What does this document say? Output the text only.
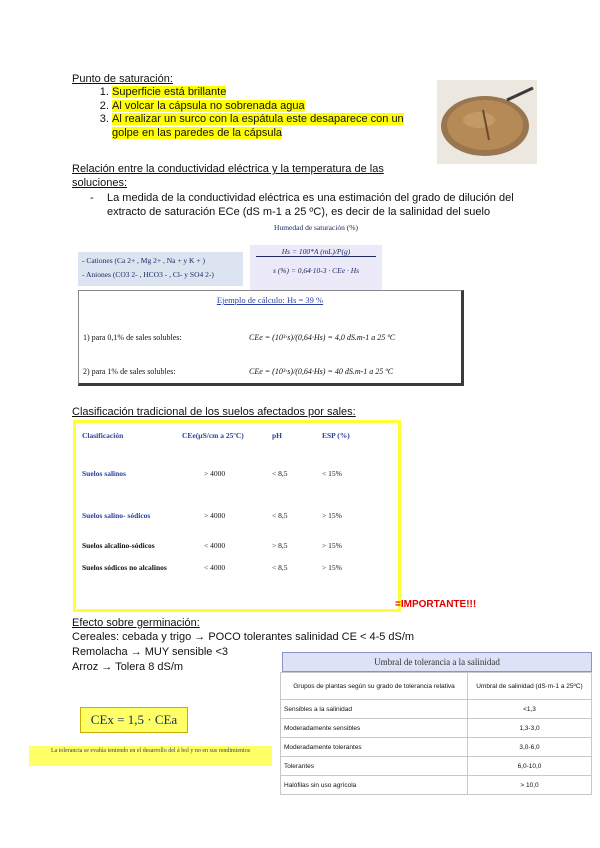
Punto de saturación:
1. Superficie está brillante
2. Al volcar la cápsula no sobrenada agua
3. Al realizar un surco con la espátula este desaparece con un golpe en las paredes de la cápsula
Relación entre la conductividad eléctrica y la temperatura de las
soluciones:
- La medida de la conductividad eléctrica es una estimación del grado de dilución del
extracto de saturación ECe (dS m-1 a 25 ºC), es decir de la salinidad del suelo
- Cationes (Ca 2+ , Mg 2+ , Na + y K + )
- Aniones (CO3 2- , HCO3 - , Cl- y SO4 2-)
Humedad de saturación (%)
Hs = 100*A (mL)/P(g)
s (%) = 0,64·10-3 · CEe · Hs
Ejemplo de cálculo: Hs = 39 %
1) para 0,1% de sales solubles:	CEe = (10³·s)/(0,64·Hs) = 4,0 dS.m-1 a 25 ºC
2) para 1% de sales solubles:	CEe = (10³·s)/(0,64·Hs) = 40 dS.m-1 a 25 ºC
Clasificación tradicional de los suelos afectados por sales:
Clasificación	CEe(µS/cm a 25ºC)	pH	ESP (%)
Suelos salinos	> 4000	< 8,5	< 15%
Suelos salino- sódicos	> 4000	< 8,5	> 15%
Suelos alcalino-sódicos	< 4000	> 8,5	> 15%
Suelos sódicos no alcalinos	< 4000	< 8,5	> 15%
=IMPORTANTE!!!
Efecto sobre germinación:
Cereales: cebada y trigo → POCO tolerantes salinidad CE < 4-5 dS/m
Remolacha → MUY sensible <3
Arroz → Tolera 8 dS/m	Umbral de tolerancia a la salinidad
Grupos de plantas según su grado de tolerancia relativa	Umbral de salinidad (dS·m-1 a 25ºC)
Sensibles a la salinidad	<1,3
Moderadamente sensibles	1,3-3,0
Moderadamente tolerantes	3,0-6,0
Tolerantes	6,0-10,0
Halófilas sin uso agrícola	> 10,0
CEx = 1,5 · CEa
La tolerancia se evalúa teniendo en el desarrollo del á bol y no en sus rendimientos
